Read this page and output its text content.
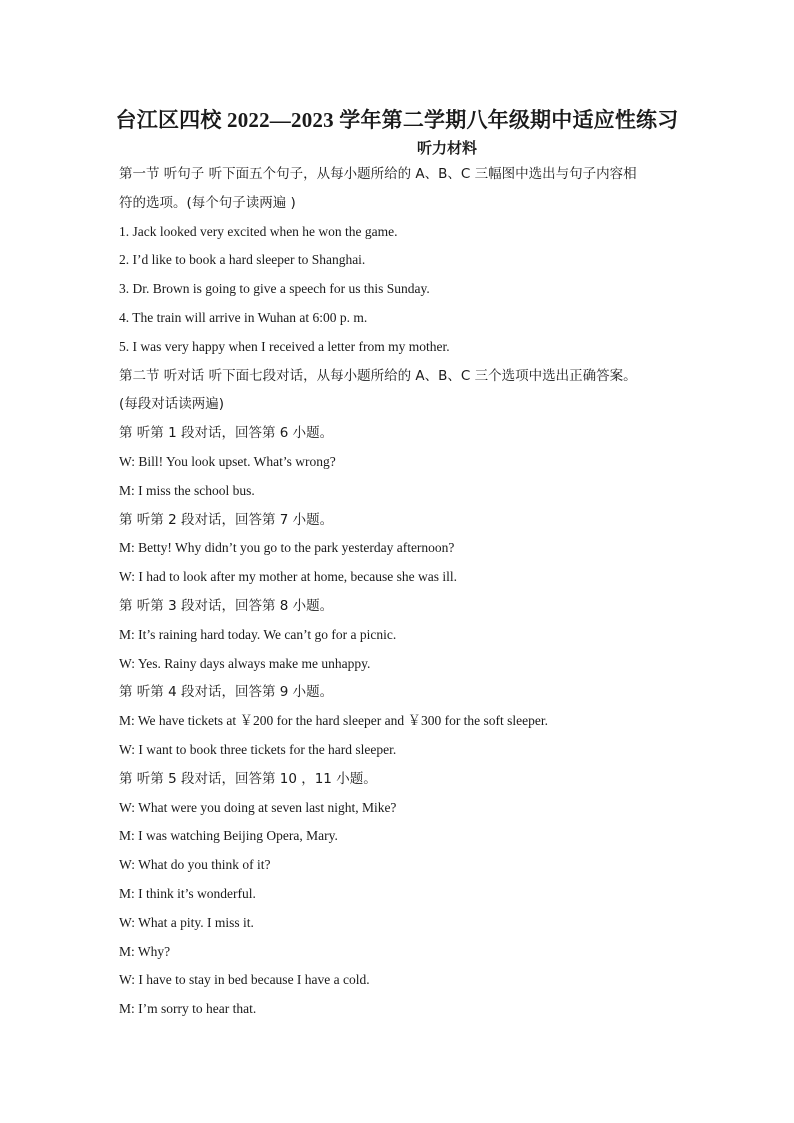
台江区四校 2022—2023 学年第二学期八年级期中适应性练习
听力材料
第一节 听句子 听下面五个句子，从每小题所给的 A、B、C 三幅图中选出与句子内容相
符的选项。(每个句子读两遍 )
1. Jack looked very excited when he won the game.
2. I’d like to book a hard sleeper to Shanghai.
3. Dr. Brown is going to give a speech for us this Sunday.
4. The train will arrive in Wuhan at 6:00 p. m.
5. I was very happy when I received a letter from my mother.
第二节 听对话 听下面七段对话，从每小题所给的 A、B、C 三个选项中选出正确答案。
(每段对话读两遍)
第 听第 1 段对话，回答第 6 小题。
W: Bill! You look upset. What’s wrong?
M: I miss the school bus.
第 听第 2 段对话，回答第 7 小题。
M: Betty! Why didn’t you go to the park yesterday afternoon?
W: I had to look after my mother at home, because she was ill.
第 听第 3 段对话，回答第 8 小题。
M: It’s raining hard today. We can’t go for a picnic.
W: Yes. Rainy days always make me unhappy.
第 听第 4 段对话，回答第 9 小题。
M: We have tickets at ￥200 for the hard sleeper and ￥300 for the soft sleeper.
W: I want to book three tickets for the hard sleeper.
第 听第 5 段对话，回答第 10 ，11 小题。
W: What were you doing at seven last night, Mike?
M: I was watching Beijing Opera, Mary.
W: What do you think of it?
M: I think it’s wonderful.
W: What a pity. I miss it.
M: Why?
W: I have to stay in bed because I have a cold.
M: I’m sorry to hear that.
